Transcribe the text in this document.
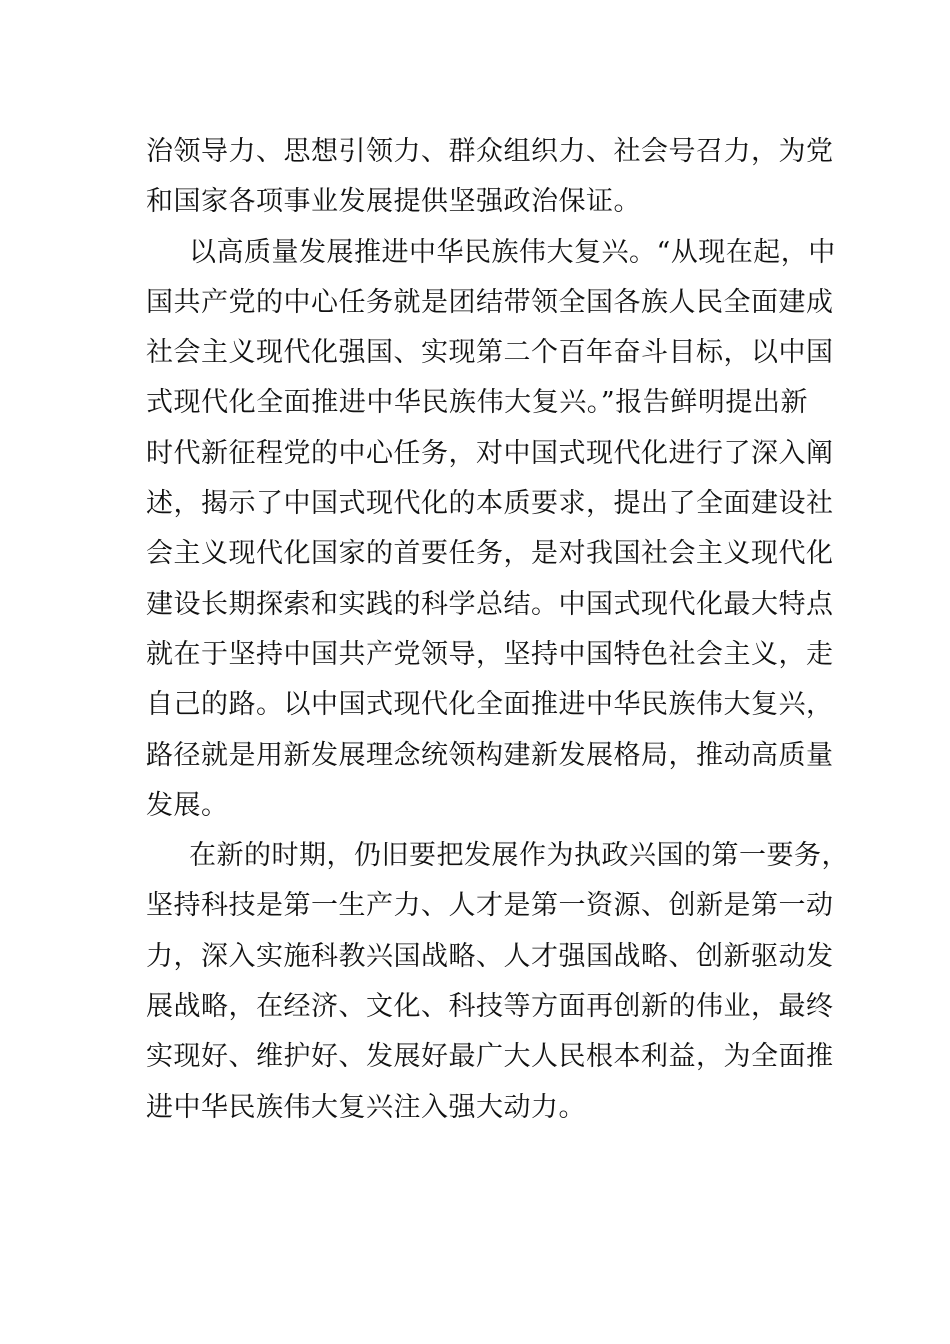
治领导力、思想引领力、群众组织力、社会号召力，为党
和国家各项事业发展提供坚强政治保证。
以高质量发展推进中华民族伟大复兴。“从现在起，中
国共产党的中心任务就是团结带领全国各族人民全面建成
社会主义现代化强国、实现第二个百年奋斗目标，以中国
式现代化全面推进中华民族伟大复兴。”报告鲜明提出新
时代新征程党的中心任务，对中国式现代化进行了深入阐
述，揭示了中国式现代化的本质要求，提出了全面建设社
会主义现代化国家的首要任务，是对我国社会主义现代化
建设长期探索和实践的科学总结。中国式现代化最大特点
就在于坚持中国共产党领导，坚持中国特色社会主义，走
自己的路。以中国式现代化全面推进中华民族伟大复兴，
路径就是用新发展理念统领构建新发展格局，推动高质量
发展。
在新的时期，仍旧要把发展作为执政兴国的第一要务，
坚持科技是第一生产力、人才是第一资源、创新是第一动
力，深入实施科教兴国战略、人才强国战略、创新驱动发
展战略，在经济、文化、科技等方面再创新的伟业，最终
实现好、维护好、发展好最广大人民根本利益，为全面推
进中华民族伟大复兴注入强大动力。
